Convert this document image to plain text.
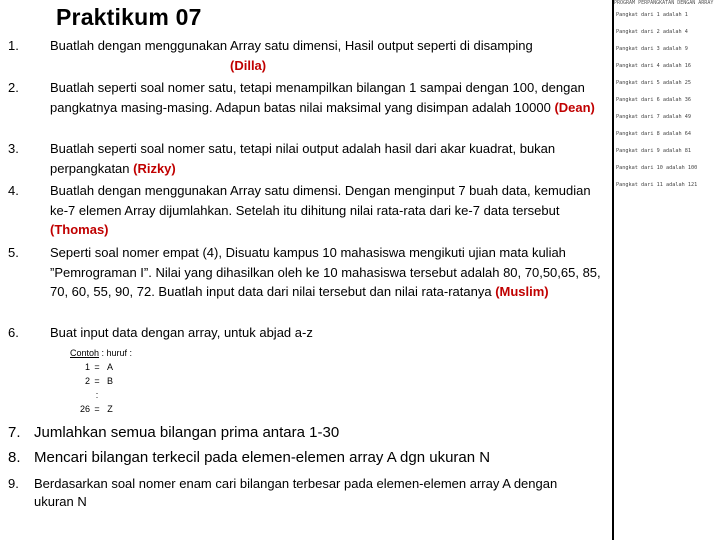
Praktikum 07
1.	Buatlah dengan menggunakan Array satu dimensi, Hasil output seperti di disamping
(Dilla)
2.	Buatlah seperti soal nomer satu, tetapi menampilkan bilangan 1 sampai dengan 100, dengan pangkatnya masing-masing. Adapun batas nilai maksimal yang disimpan adalah 10000 (Dean)
3.	Buatlah seperti soal nomer satu, tetapi nilai output adalah hasil dari akar kuadrat, bukan perpangkatan (Rizky)
4.	Buatlah dengan menggunakan Array satu dimensi. Dengan menginput 7 buah data, kemudian ke-7 elemen Array dijumlahkan. Setelah itu dihitung nilai rata-rata dari ke-7 data tersebut (Thomas)
5.	Seperti soal nomer empat (4), Disuatu kampus 10 mahasiswa mengikuti ujian mata kuliah ”Pemrograman I”. Nilai yang dihasilkan oleh ke 10 mahasiswa tersebut adalah 80, 70,50,65, 85, 70, 60, 55, 90, 72. Buatlah input data dari nilai tersebut dan nilai rata-ratanya (Muslim)
6.	Buat input data dengan array, untuk abjad a-z
Contoh : huruf :
1 = A
2 = B
:
26 = Z
7. Jumlahkan semua bilangan prima antara 1-30
8. Mencari bilangan terkecil pada elemen-elemen array A dgn ukuran N
9.	Berdasarkan soal nomer enam cari bilangan terbesar pada elemen-elemen array A dengan ukuran N
PROGRAM PERPANGKATAN DENGAN ARRAY
Pangkat dari 1 adalah 1
Pangkat dari 2 adalah 4
Pangkat dari 3 adalah 9
Pangkat dari 4 adalah 16
Pangkat dari 5 adalah 25
Pangkat dari 6 adalah 36
Pangkat dari 7 adalah 49
Pangkat dari 8 adalah 64
Pangkat dari 9 adalah 81
Pangkat dari 10 adalah 100
Pangkat dari 11 adalah 121
